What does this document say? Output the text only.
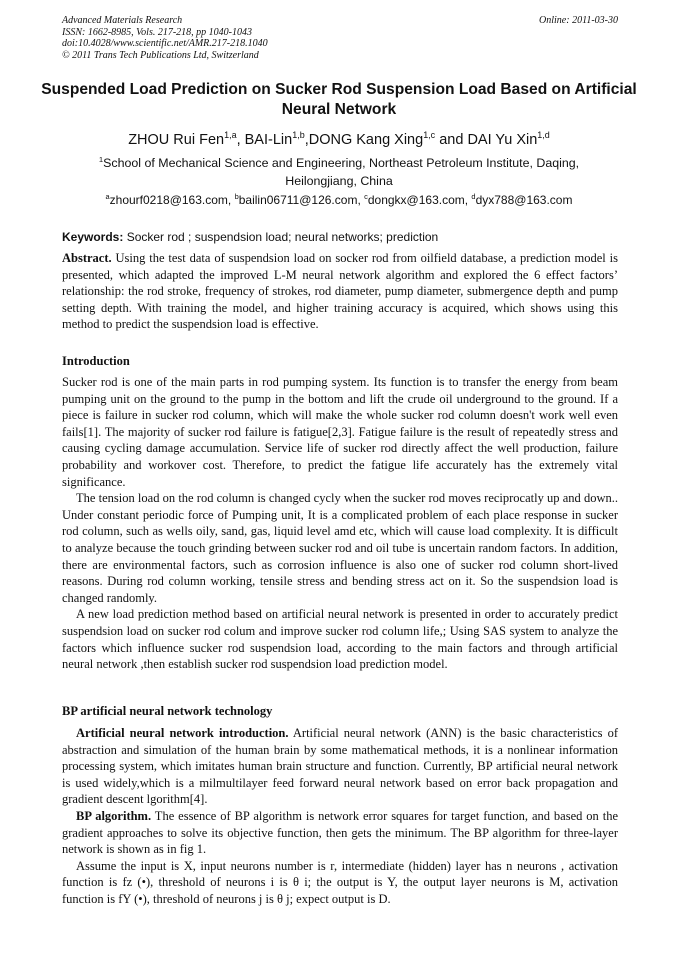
Advanced Materials Research
ISSN: 1662-8985, Vols. 217-218, pp 1040-1043
doi:10.4028/www.scientific.net/AMR.217-218.1040
© 2011 Trans Tech Publications Ltd, Switzerland
Online: 2011-03-30
Suspended Load Prediction on Sucker Rod Suspension Load Based on Artificial Neural Network
ZHOU Rui Fen$^{1,a}$, BAI-Lin$^{1,b}$,DONG Kang Xing$^{1,c}$ and DAI Yu Xin$^{1,d}$
$^1$School of Mechanical Science and Engineering, Northeast Petroleum Institute, Daqing,
Heilongjiang, China
$^a$zhourf0218@163.com, $^b$bailin06711@126.com, $^c$dongkx@163.com, $^d$dyx788@163.com
Keywords: Socker rod ; suspendsion load; neural networks; prediction

Abstract. Using the test data of suspendsion load on socker rod from oilfield database, a prediction model is presented, which adapted the improved L-M neural network algorithm and explored the 6 effect factors’ relationship: the rod stroke, frequency of strokes, rod diameter, pump diameter, submergence depth and pump setting depth. With training the model, and higher training accuracy is acquired, which shows using this method to predict the suspendsion load is effective.

Introduction

Sucker rod is one of the main parts in rod pumping system. Its function is to transfer the energy from beam pumping unit on the ground to the pump in the bottom and lift the crude oil underground to the ground. If a piece is failure in sucker rod column, which will make the whole sucker rod column doesn't work well even fails[1]. The majority of sucker rod failure is fatigue[2,3]. Fatigue failure is the result of repeatedly stress and causing cycling damage accumulation. Service life of sucker rod directly affect the well production, failure probability and workover cost. Therefore, to predict the fatigue life accurately has the extremely vital significance.

The tension load on the rod column is changed cycly when the sucker rod moves reciprocatly up and down.. Under constant periodic force of Pumping unit, It is a complicated problem of each place response in sucker rod column, such as wells oily, sand, gas, liquid level amd etc, which will cause load complexity. It is difficult to analyze because the touch grinding between sucker rod and oil tube is uncertain random factors. In addition, there are environmental factors, such as corrosion influence is also one of sucker rod column short-lived reasons. During rod column working, tensile stress and bending stress act on it. So the suspendsion load is changed randomly.

A new load prediction method based on artificial neural network is presented in order to accurately predict suspendsion load on sucker rod colum and improve sucker rod column life,; Using SAS system to analyze the factors which influence sucker rod suspendsion load, according to the main factors and through artificial neural network ,then establish sucker rod suspendsion load prediction model.

BP artificial neural network technology

Artificial neural network introduction. Artificial neural network (ANN) is the basic characteristics of abstraction and simulation of the human brain by some mathematical methods, it is a nonlinear information processing system, which imitates human brain structure and function. Currently, BP artificial neural network is used widely,which is a milmultilayer feed forward neural network based on error back propagation and gradient descent lgorithm[4].

BP algorithm. The essence of BP algorithm is network error squares for target function, and based on the gradient approaches to solve its objective function, then gets the minimum. The BP algorithm for three-layer network is shown as in fig 1.

Assume the input is X, input neurons number is r, intermediate (hidden) layer has n neurons , activation function is fz (•), threshold of neurons i is θ i; the output is Y, the output layer neurons is M, activation function is fY (•), threshold of neurons j is θ j; expect output is D.
